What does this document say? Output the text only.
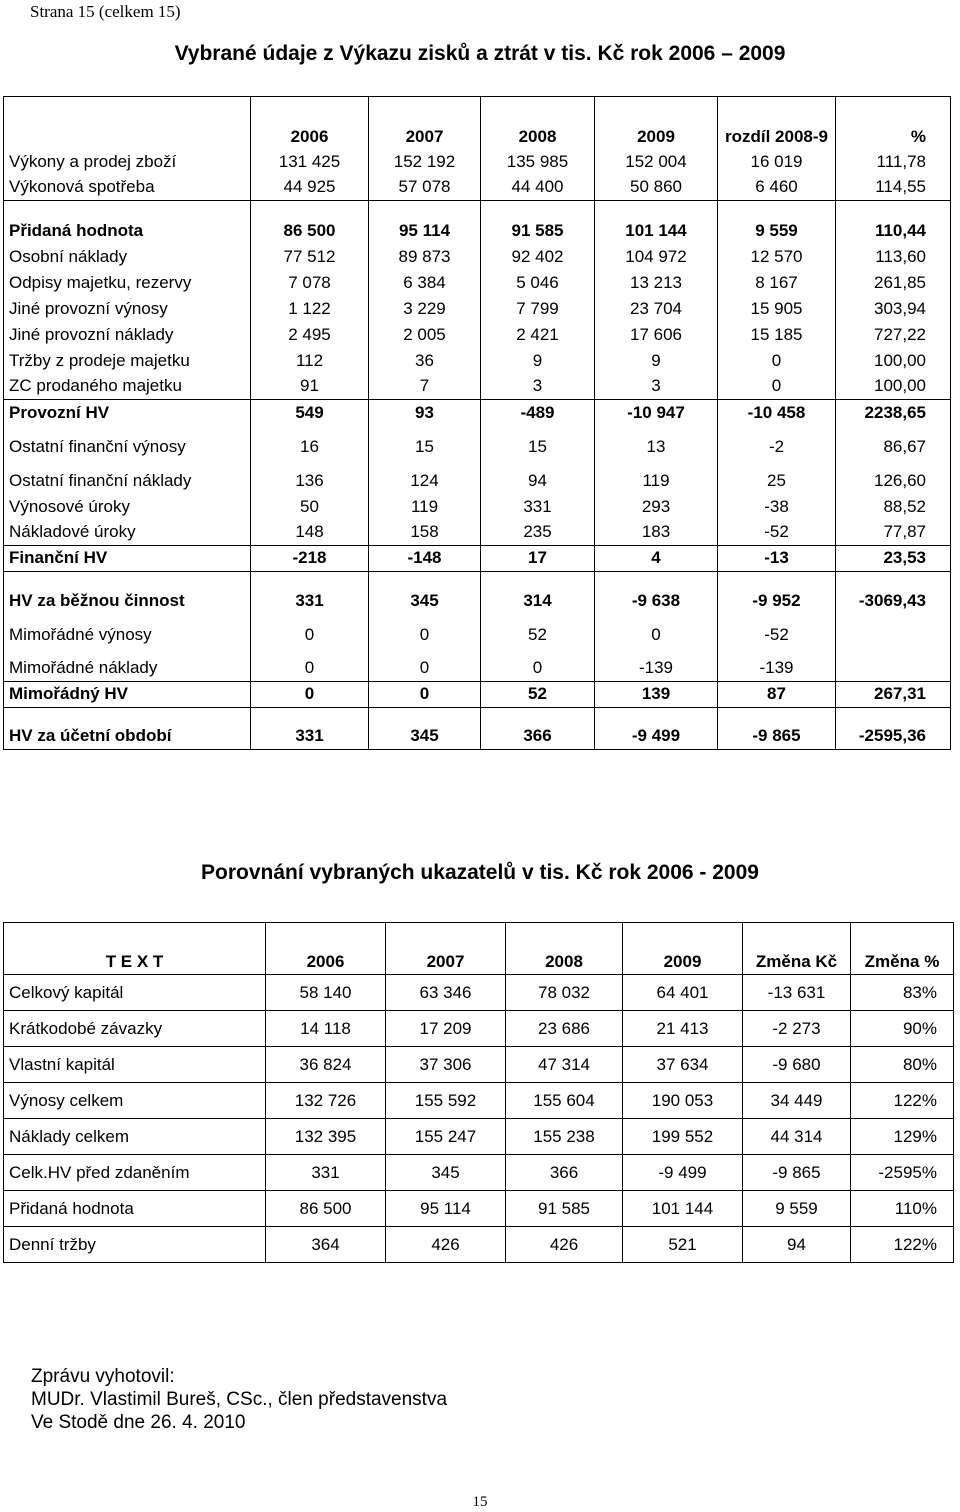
Strana 15 (celkem 15)
Vybrané údaje z Výkazu zisků a ztrát v tis. Kč rok 2006 – 2009
	2006	2007	2008	2009	rozdíl 2008-9	%
Výkony a prodej zboží	131 425	152 192	135 985	152 004	16 019	111,78
Výkonová spotřeba	44 925	57 078	44 400	50 860	6 460	114,55
Přidaná hodnota	86 500	95 114	91 585	101 144	9 559	110,44
Osobní náklady	77 512	89 873	92 402	104 972	12 570	113,60
Odpisy majetku, rezervy	7 078	6 384	5 046	13 213	8 167	261,85
Jiné provozní výnosy	1 122	3 229	7 799	23 704	15 905	303,94
Jiné provozní náklady	2 495	2 005	2 421	17 606	15 185	727,22
Tržby z prodeje majetku	112	36	9	9	0	100,00
ZC prodaného majetku	91	7	3	3	0	100,00
Provozní HV	549	93	-489	-10 947	-10 458	2238,65
Ostatní finanční výnosy	16	15	15	13	-2	86,67
Ostatní finanční náklady	136	124	94	119	25	126,60
Výnosové úroky	50	119	331	293	-38	88,52
Nákladové úroky	148	158	235	183	-52	77,87
Finanční HV	-218	-148	17	4	-13	23,53
HV za běžnou činnost	331	345	314	-9 638	-9 952	-3069,43
Mimořádné výnosy	0	0	52	0	-52	
Mimořádné náklady	0	0	0	-139	-139	
Mimořádný HV	0	0	52	139	87	267,31
HV za účetní období	331	345	366	-9 499	-9 865	-2595,36
Porovnání vybraných ukazatelů v tis. Kč rok 2006 - 2009
T E X T	2006	2007	2008	2009	Změna Kč	Změna %
Celkový kapitál	58 140	63 346	78 032	64 401	-13 631	83%
Krátkodobé závazky	14 118	17 209	23 686	21 413	-2 273	90%
Vlastní kapitál	36 824	37 306	47 314	37 634	-9 680	80%
Výnosy celkem	132 726	155 592	155 604	190 053	34 449	122%
Náklady celkem	132 395	155 247	155 238	199 552	44 314	129%
Celk.HV před zdaněním	331	345	366	-9 499	-9 865	-2595%
Přidaná hodnota	86 500	95 114	91 585	101 144	9 559	110%
Denní tržby	364	426	426	521	94	122%
Zprávu vyhotovil:
MUDr. Vlastimil Bureš, CSc., člen představenstva
Ve Stodě dne 26. 4. 2010
15
